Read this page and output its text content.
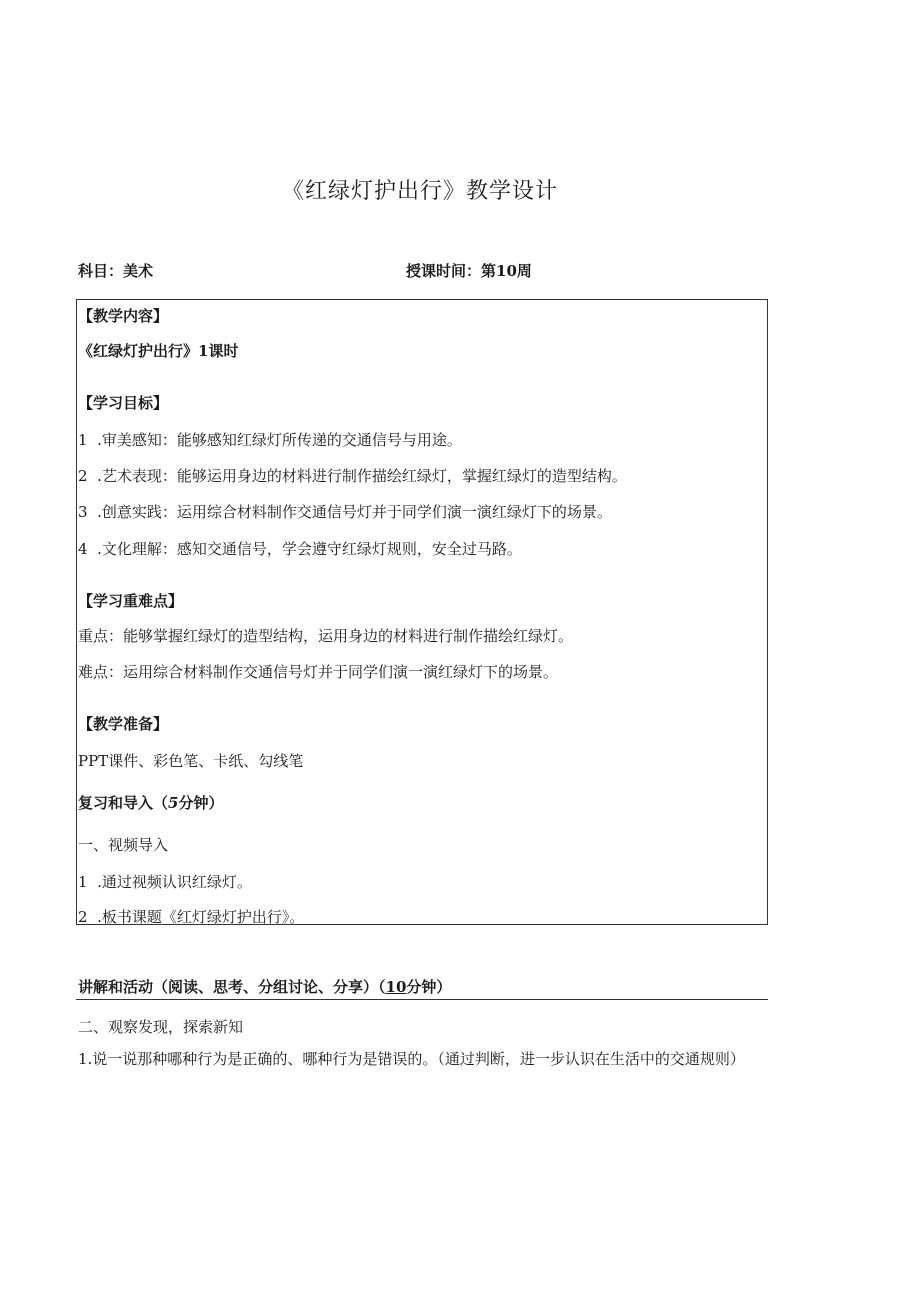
《红绿灯护出行》教学设计
科目：美术	授课时间：第10周
【教学内容】
《红绿灯护出行》1课时
【学习目标】
1  .审美感知：能够感知红绿灯所传递的交通信号与用途。
2  .艺术表现：能够运用身边的材料进行制作描绘红绿灯，掌握红绿灯的造型结构。
3  .创意实践：运用综合材料制作交通信号灯并于同学们演一演红绿灯下的场景。
4  .文化理解：感知交通信号，学会遵守红绿灯规则，安全过马路。
【学习重难点】
重点：能够掌握红绿灯的造型结构，运用身边的材料进行制作描绘红绿灯。
难点：运用综合材料制作交通信号灯并于同学们演一演红绿灯下的场景。
【教学准备】
PPT课件、彩色笔、卡纸、勾线笔
复习和导入（5分钟）
一、视频导入
1  .通过视频认识红绿灯。
2  .板书课题《红灯绿灯护出行》。
讲解和活动（阅读、思考、分组讨论、分享）（10分钟）
二、观察发现，探索新知
1.说一说那种哪种行为是正确的、哪种行为是错误的。（通过判断，进一步认识在生活中的交通规则）
